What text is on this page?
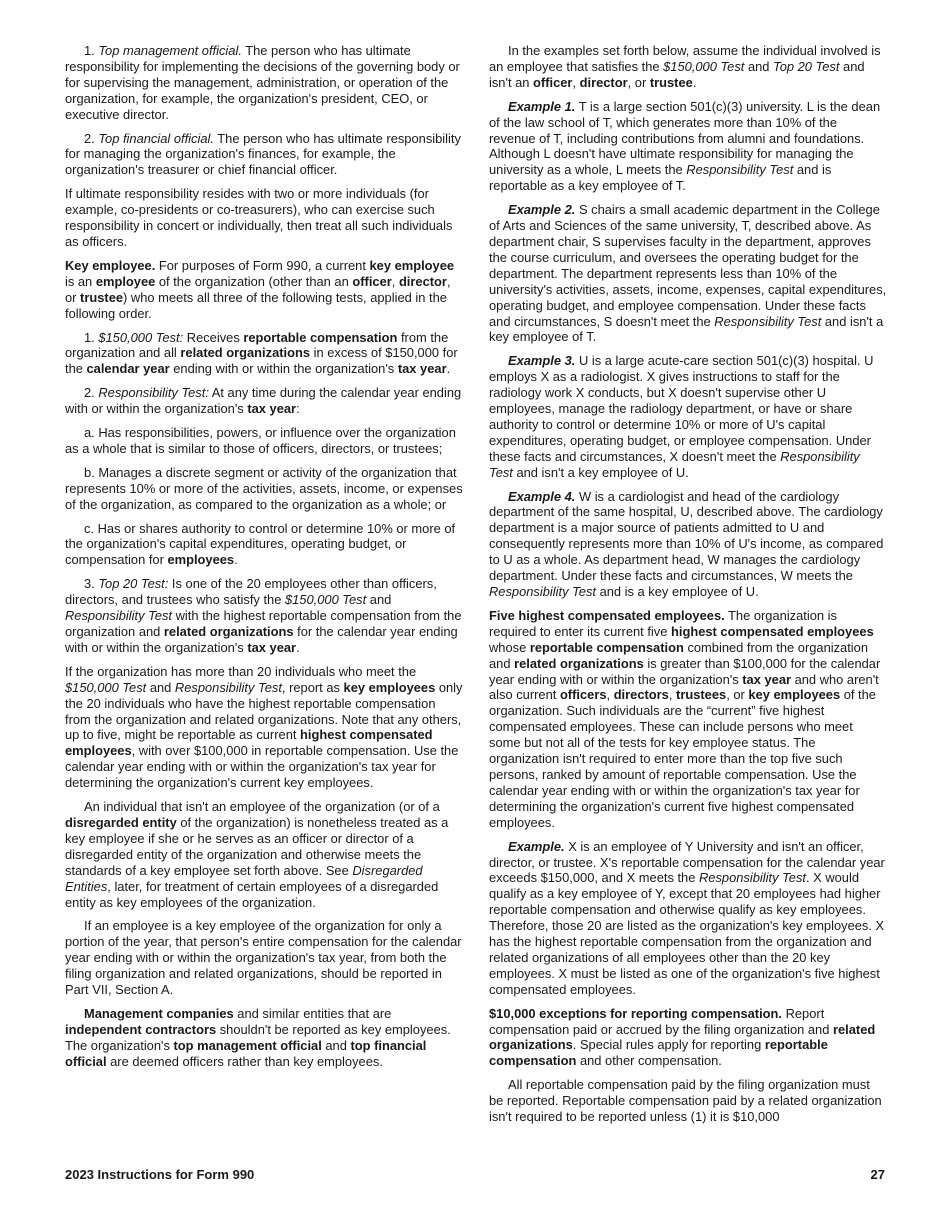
1. Top management official. The person who has ultimate responsibility for implementing the decisions of the governing body or for supervising the management, administration, or operation of the organization, for example, the organization's president, CEO, or executive director.

2. Top financial official. The person who has ultimate responsibility for managing the organization's finances, for example, the organization's treasurer or chief financial officer.

If ultimate responsibility resides with two or more individuals (for example, co-presidents or co-treasurers), who can exercise such responsibility in concert or individually, then treat all such individuals as officers.

Key employee. For purposes of Form 990, a current key employee is an employee of the organization (other than an officer, director, or trustee) who meets all three of the following tests, applied in the following order.

1. $150,000 Test: Receives reportable compensation from the organization and all related organizations in excess of $150,000 for the calendar year ending with or within the organization's tax year.

2. Responsibility Test: At any time during the calendar year ending with or within the organization's tax year:

a. Has responsibilities, powers, or influence over the organization as a whole that is similar to those of officers, directors, or trustees;

b. Manages a discrete segment or activity of the organization that represents 10% or more of the activities, assets, income, or expenses of the organization, as compared to the organization as a whole; or

c. Has or shares authority to control or determine 10% or more of the organization's capital expenditures, operating budget, or compensation for employees.

3. Top 20 Test: Is one of the 20 employees other than officers, directors, and trustees who satisfy the $150,000 Test and Responsibility Test with the highest reportable compensation from the organization and related organizations for the calendar year ending with or within the organization's tax year.

If the organization has more than 20 individuals who meet the $150,000 Test and Responsibility Test, report as key employees only the 20 individuals who have the highest reportable compensation from the organization and related organizations. Note that any others, up to five, might be reportable as current highest compensated employees, with over $100,000 in reportable compensation. Use the calendar year ending with or within the organization's tax year for determining the organization's current key employees.

An individual that isn't an employee of the organization (or of a disregarded entity of the organization) is nonetheless treated as a key employee if she or he serves as an officer or director of a disregarded entity of the organization and otherwise meets the standards of a key employee set forth above. See Disregarded Entities, later, for treatment of certain employees of a disregarded entity as key employees of the organization.

If an employee is a key employee of the organization for only a portion of the year, that person's entire compensation for the calendar year ending with or within the organization's tax year, from both the filing organization and related organizations, should be reported in Part VII, Section A.

Management companies and similar entities that are independent contractors shouldn't be reported as key employees. The organization's top management official and top financial official are deemed officers rather than key employees.

In the examples set forth below, assume the individual involved is an employee that satisfies the $150,000 Test and Top 20 Test and isn't an officer, director, or trustee.

Example 1. T is a large section 501(c)(3) university. L is the dean of the law school of T, which generates more than 10% of the revenue of T, including contributions from alumni and foundations. Although L doesn't have ultimate responsibility for managing the university as a whole, L meets the Responsibility Test and is reportable as a key employee of T.

Example 2. S chairs a small academic department in the College of Arts and Sciences of the same university, T, described above. As department chair, S supervises faculty in the department, approves the course curriculum, and oversees the operating budget for the department. The department represents less than 10% of the university's activities, assets, income, expenses, capital expenditures, operating budget, and employee compensation. Under these facts and circumstances, S doesn't meet the Responsibility Test and isn't a key employee of T.

Example 3. U is a large acute-care section 501(c)(3) hospital. U employs X as a radiologist. X gives instructions to staff for the radiology work X conducts, but X doesn't supervise other U employees, manage the radiology department, or have or share authority to control or determine 10% or more of U's capital expenditures, operating budget, or employee compensation. Under these facts and circumstances, X doesn't meet the Responsibility Test and isn't a key employee of U.

Example 4. W is a cardiologist and head of the cardiology department of the same hospital, U, described above. The cardiology department is a major source of patients admitted to U and consequently represents more than 10% of U's income, as compared to U as a whole. As department head, W manages the cardiology department. Under these facts and circumstances, W meets the Responsibility Test and is a key employee of U.

Five highest compensated employees. The organization is required to enter its current five highest compensated employees whose reportable compensation combined from the organization and related organizations is greater than $100,000 for the calendar year ending with or within the organization's tax year and who aren't also current officers, directors, trustees, or key employees of the organization. Such individuals are the “current” five highest compensated employees. These can include persons who meet some but not all of the tests for key employee status. The organization isn't required to enter more than the top five such persons, ranked by amount of reportable compensation. Use the calendar year ending with or within the organization's tax year for determining the organization's current five highest compensated employees.

Example. X is an employee of Y University and isn't an officer, director, or trustee. X's reportable compensation for the calendar year exceeds $150,000, and X meets the Responsibility Test. X would qualify as a key employee of Y, except that 20 employees had higher reportable compensation and otherwise qualify as key employees. Therefore, those 20 are listed as the organization's key employees. X has the highest reportable compensation from the organization and related organizations of all employees other than the 20 key employees. X must be listed as one of the organization's five highest compensated employees.

$10,000 exceptions for reporting compensation. Report compensation paid or accrued by the filing organization and related organizations. Special rules apply for reporting reportable compensation and other compensation.

All reportable compensation paid by the filing organization must be reported. Reportable compensation paid by a related organization isn't required to be reported unless (1) it is $10,000

2023 Instructions for Form 990	27
